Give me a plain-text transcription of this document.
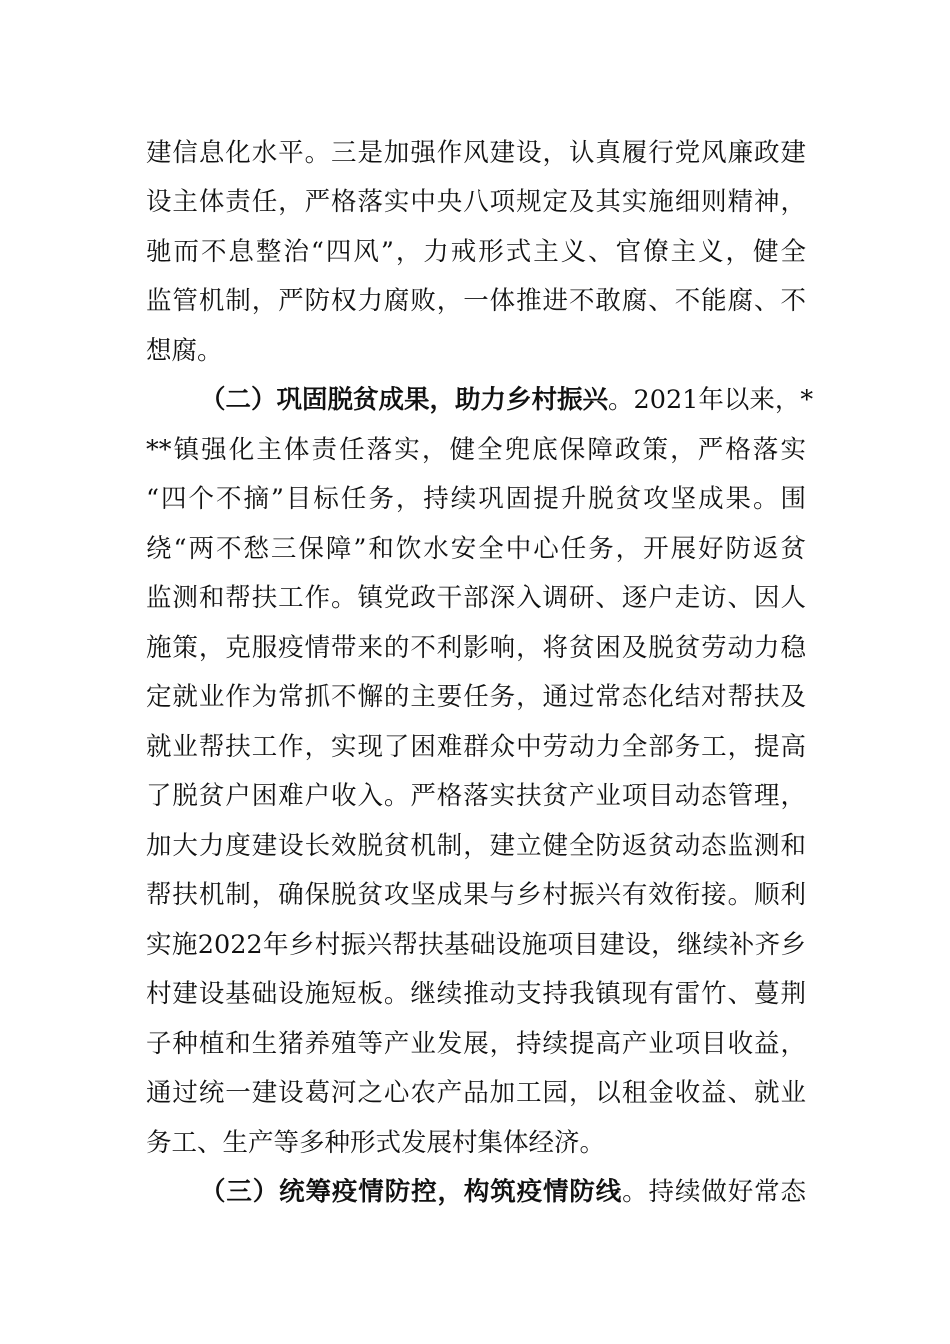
建信息化水平。三是加强作风建设，认真履行党风廉政建
设主体责任，严格落实中央八项规定及其实施细则精神，
驰而不息整治“四风”，力戒形式主义、官僚主义，健全
监管机制，严防权力腐败，一体推进不敢腐、不能腐、不
想腐。
（二）巩固脱贫成果，助力乡村振兴。2021年以来，*
**镇强化主体责任落实，健全兜底保障政策，严格落实
“四个不摘”目标任务，持续巩固提升脱贫攻坚成果。围
绕“两不愁三保障”和饮水安全中心任务，开展好防返贫
监测和帮扶工作。镇党政干部深入调研、逐户走访、因人
施策，克服疫情带来的不利影响，将贫困及脱贫劳动力稳
定就业作为常抓不懈的主要任务，通过常态化结对帮扶及
就业帮扶工作，实现了困难群众中劳动力全部务工，提高
了脱贫户困难户收入。严格落实扶贫产业项目动态管理，
加大力度建设长效脱贫机制，建立健全防返贫动态监测和
帮扶机制，确保脱贫攻坚成果与乡村振兴有效衔接。顺利
实施2022年乡村振兴帮扶基础设施项目建设，继续补齐乡
村建设基础设施短板。继续推动支持我镇现有雷竹、蔓荆
子种植和生猪养殖等产业发展，持续提高产业项目收益，
通过统一建设葛河之心农产品加工园，以租金收益、就业
务工、生产等多种形式发展村集体经济。
（三）统筹疫情防控，构筑疫情防线。持续做好常态
